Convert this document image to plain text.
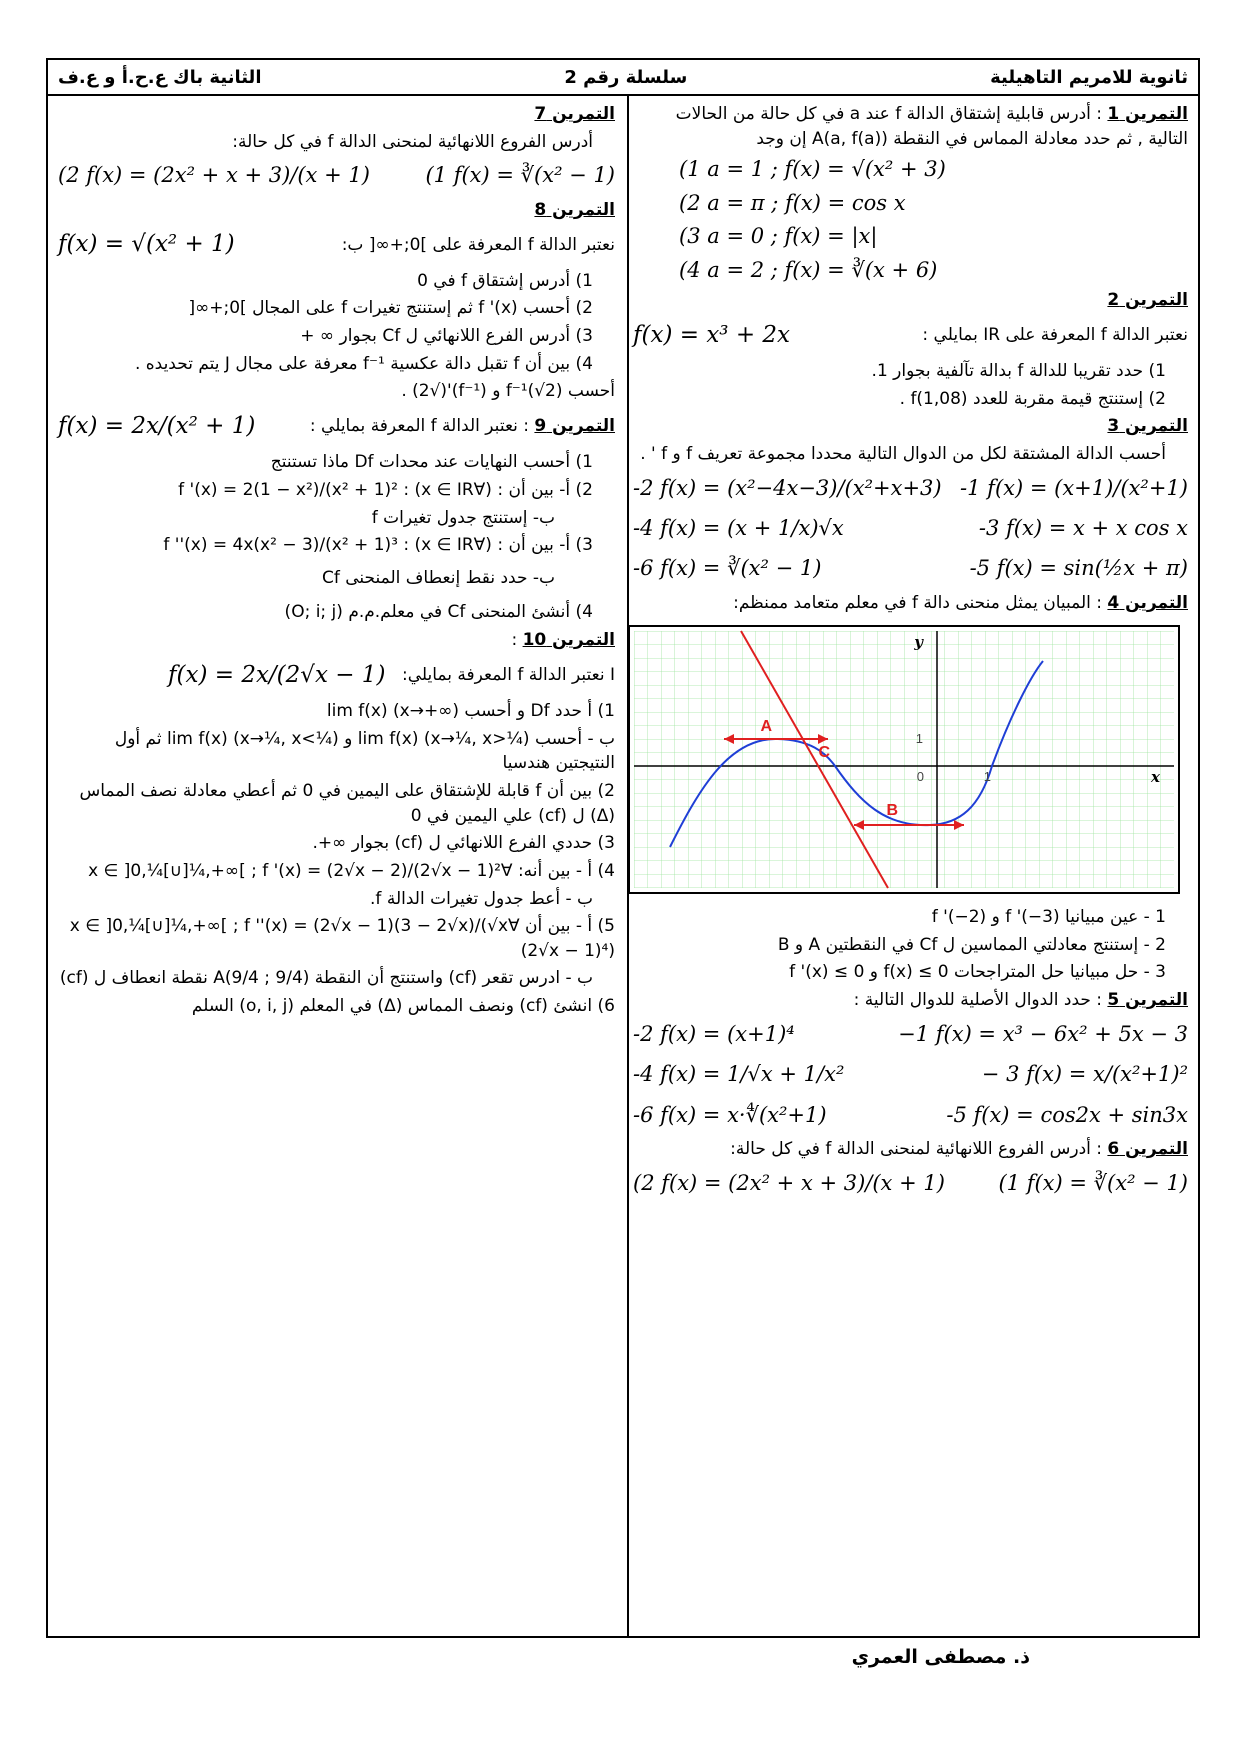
ثانوية للامريم التاهيلية
سلسلة رقم 2
الثانية باك ع.ح.أ و ع.ف
التمرين 1 : أدرس قابلية إشتقاق الدالة f عند a في كل حالة من الحالات التالية , ثم حدد معادلة المماس في النقطة A(a, f(a)) إن وجد
(1 a = 1 ; f(x) = √(x² + 3)
(2 a = π ; f(x) = cos x
(3 a = 0 ; f(x) = |x|
(4 a = 2 ; f(x) = ∛(x + 6)
التمرين 2
نعتبر الدالة f المعرفة على IR بمايلي :
f(x) = x³ + 2x
1) حدد تقريبا للدالة f بدالة تآلفية بجوار 1.
2) إستنتج قيمة مقربة للعدد f(1,08) .
التمرين 3
أحسب الدالة المشتقة لكل من الدوال التالية محددا مجموعة تعريف f و f ' .
-2 f(x) = (x²−4x−3)/(x²+x+3) -1 f(x) = (x+1)/(x²+1)
-4 f(x) = (x + 1/x)√x	-3 f(x) = x + x cos x
-6 f(x) = ∛(x² − 1)	-5 f(x) = sin(½x + π)
التمرين 4 : المبيان يمثل منحنى دالة f في معلم متعامد ممنظم:
A
B
C
y
x
0	1
1
1 - عين مبيانيا f '(−3) و f '(−2)
2 - إستنتج معادلتي المماسين ل Cf في النقطتين A و B
3 - حل مبيانيا حل المتراجحات f(x) ≤ 0 و f '(x) ≤ 0
التمرين 5 : حدد الدوال الأصلية للدوال التالية :
-2 f(x) = (x+1)⁴	−1 f(x) = x³ − 6x² + 5x − 3
-4 f(x) = 1/√x + 1/x²	− 3 f(x) = x/(x²+1)²
-6 f(x) = x·∜(x²+1)	-5 f(x) = cos2x + sin3x
التمرين 6 : أدرس الفروع اللانهائية لمنحنى الدالة f في كل حالة:
(2 f(x) = (2x² + x + 3)/(x + 1)	(1 f(x) = ∛(x² − 1)
التمرين 7
أدرس الفروع اللانهائية لمنحنى الدالة f في كل حالة:
(2 f(x) = (2x² + x + 3)/(x + 1)	(1 f(x) = ∛(x² − 1)
التمرين 8
نعتبر الدالة f المعرفة على ]0;+∞[ ب:
f(x) = √(x² + 1)
1) أدرس إشتقاق f في 0
2) أحسب f '(x) ثم إستنتج تغيرات f على المجال ]0;+∞[
3) أدرس الفرع اللانهائي ل Cf بجوار ∞ +
4) بين أن f تقبل دالة عكسية f⁻¹ معرفة على مجال J يتم تحديده .
أحسب f⁻¹(√2) و (f⁻¹)'(√2) .
التمرين 9 : نعتبر الدالة f المعرفة بمايلي :
f(x) = 2x/(x² + 1)
1) أحسب النهايات عند محدات Df ماذا تستنتج
2) أ- بين أن : (∀x ∈ IR) : f '(x) = 2(1 − x²)/(x² + 1)²
ب- إستنتج جدول تغيرات f
3) أ- بين أن : (∀x ∈ IR) : f ''(x) = 4x(x² − 3)/(x² + 1)³
ب- حدد نقط إنعطاف المنحنى Cf
4) أنشئ المنحنى Cf في معلم.م.م (O; i; j)
التمرين 10 :
I نعتبر الدالة f المعرفة بمايلي:
f(x) = 2x/(2√x − 1)
1) أ حدد Df و أحسب lim f(x) (x→+∞)
ب - أحسب lim f(x) (x→¼, x>¼) و lim f(x) (x→¼, x<¼) ثم أول النتيجتين هندسيا
2) بين أن f قابلة للإشتقاق على اليمين في 0 ثم أعطي معادلة نصف المماس (Δ) ل (cf) علي اليمين في 0
3) حددي الفرع اللانهائي ل (cf) بجوار ∞+.
4) أ - بين أنه: ∀x ∈ ]0,¼[∪]¼,+∞[ ; f '(x) = (2√x − 2)/(2√x − 1)²
ب - أعط جدول تغيرات الدالة f.
5) أ - بين أن ∀x ∈ ]0,¼[∪]¼,+∞[ ; f ''(x) = (2√x − 1)(3 − 2√x)/(√x (2√x − 1)⁴)
ب - ادرس تقعر (cf) واستنتج أن النقطة A(9/4 ; 9/4) نقطة انعطاف ل (cf)
6) انشئ (cf) ونصف المماس (Δ) في المعلم (o, i, j) السلم
ذ. مصطفى العمري
